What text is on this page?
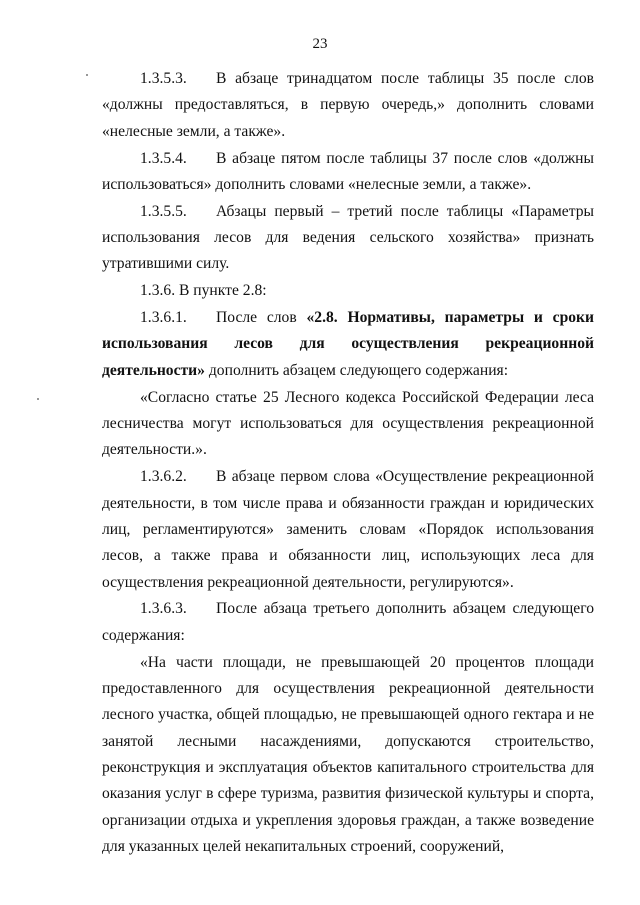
23

1.3.5.3. В абзаце тринадцатом после таблицы 35 после слов «должны предоставляться, в первую очередь,» дополнить словами «нелесные земли, а также».

1.3.5.4. В абзаце пятом после таблицы 37 после слов «должны использоваться» дополнить словами «нелесные земли, а также».

1.3.5.5. Абзацы первый – третий после таблицы «Параметры использования лесов для ведения сельского хозяйства» признать утратившими силу.

1.3.6. В пункте 2.8:

1.3.6.1. После слов «2.8. Нормативы, параметры и сроки использования лесов для осуществления рекреационной деятельности» дополнить абзацем следующего содержания:

«Согласно статье 25 Лесного кодекса Российской Федерации леса лесничества могут использоваться для осуществления рекреационной деятельности.».

1.3.6.2. В абзаце первом слова «Осуществление рекреационной деятельности, в том числе права и обязанности граждан и юридических лиц, регламентируются» заменить словам «Порядок использования лесов, а также права и обязанности лиц, использующих леса для осуществления рекреационной деятельности, регулируются».

1.3.6.3. После абзаца третьего дополнить абзацем следующего содержания:

«На части площади, не превышающей 20 процентов площади предоставленного для осуществления рекреационной деятельности лесного участка, общей площадью, не превышающей одного гектара и не занятой лесными насаждениями, допускаются строительство, реконструкция и эксплуатация объектов капитального строительства для оказания услуг в сфере туризма, развития физической культуры и спорта, организации отдыха и укрепления здоровья граждан, а также возведение для указанных целей некапитальных строений, сооружений,
